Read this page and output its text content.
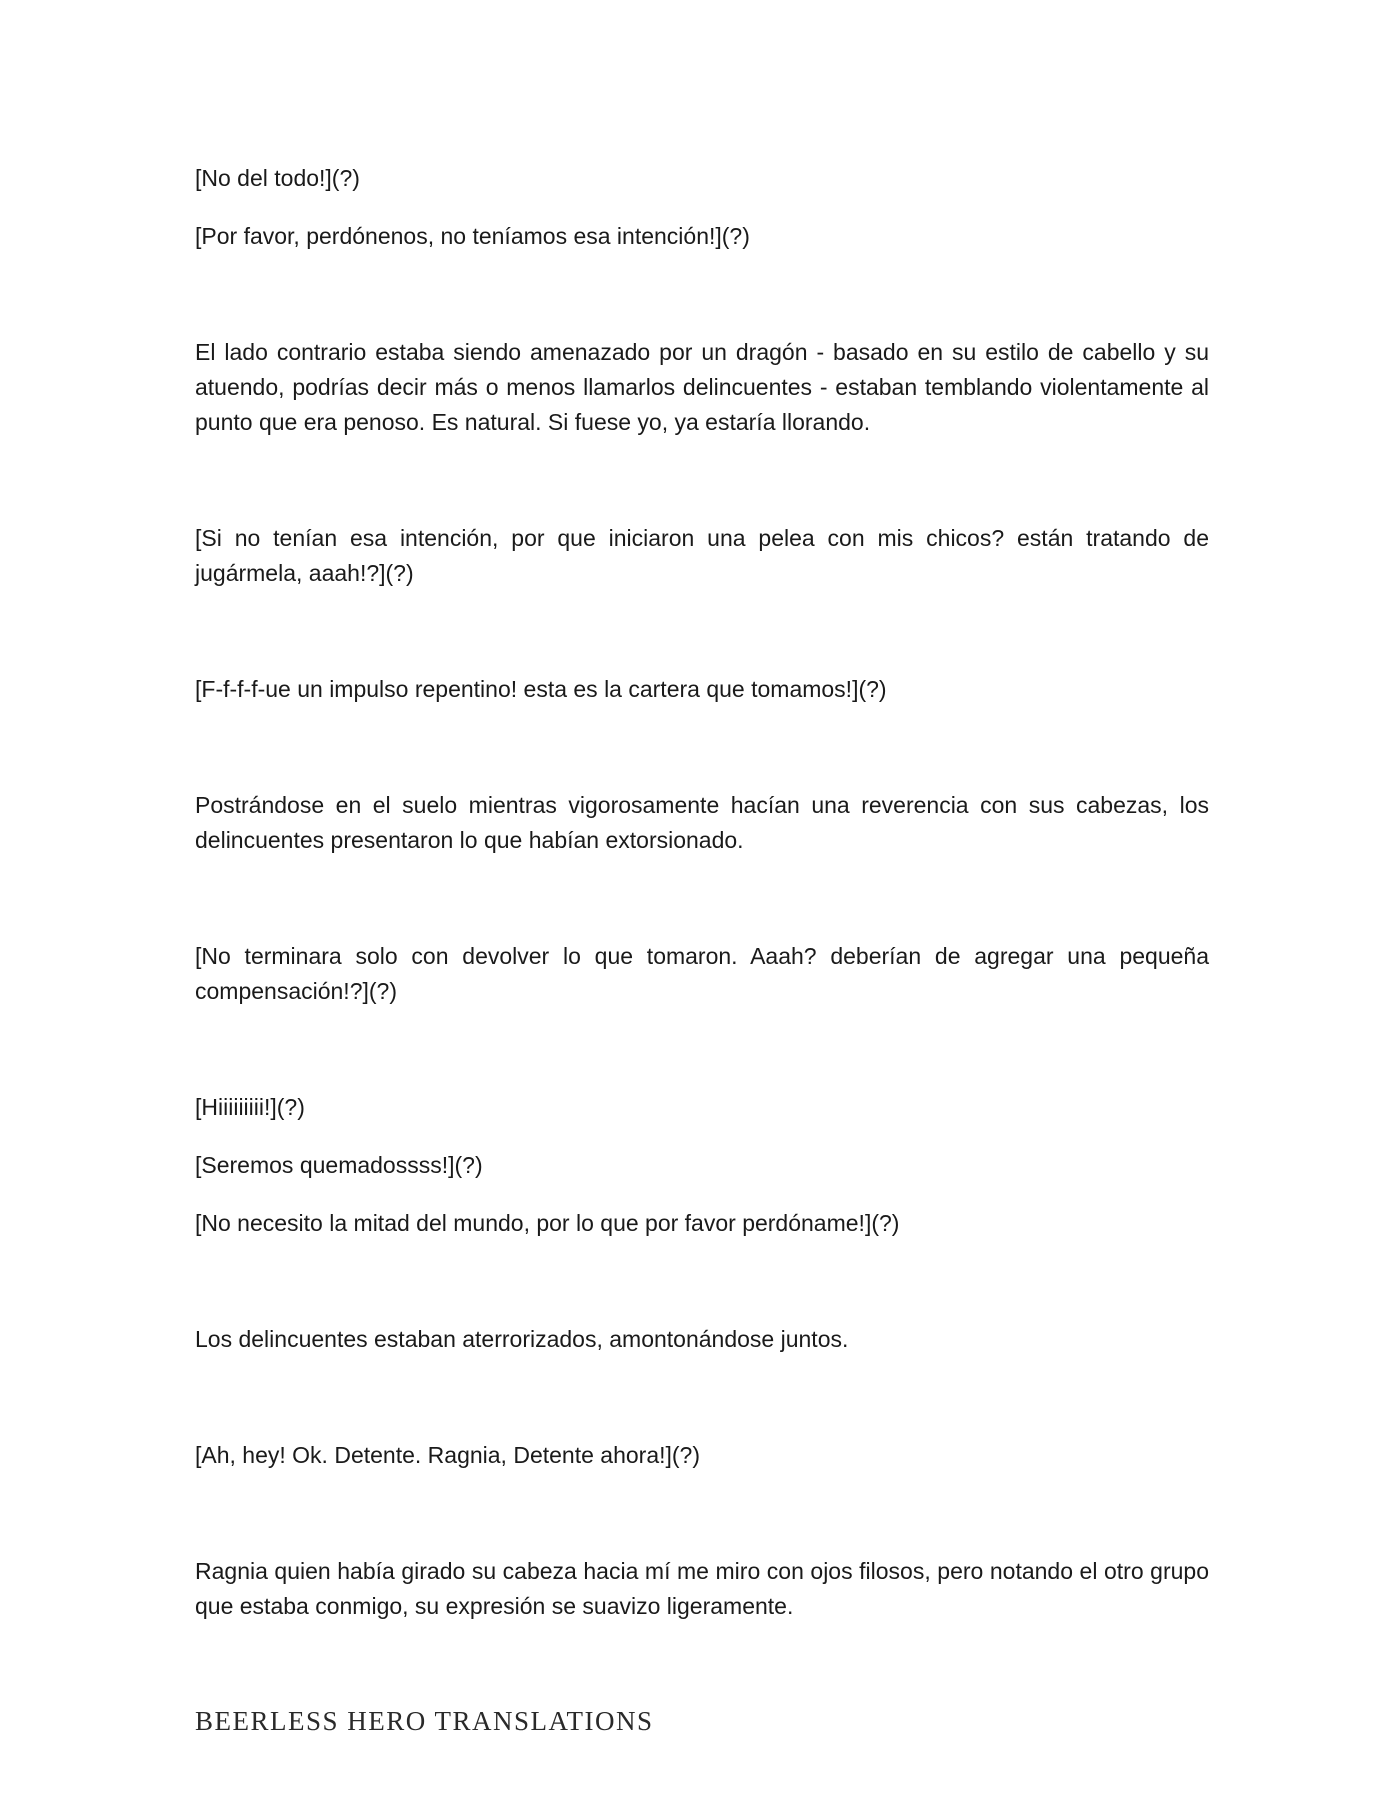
[No del todo!](?)

[Por favor, perdónenos, no teníamos esa intención!](?)

El lado contrario estaba siendo amenazado por un dragón - basado en su estilo de cabello y su atuendo, podrías decir más o menos llamarlos delincuentes - estaban temblando violentamente al punto que era penoso. Es natural. Si fuese yo, ya estaría llorando.

[Si no tenían esa intención, por que iniciaron una pelea con mis chicos? están tratando de jugármela, aaah!?](?)

[F-f-f-f-ue un impulso repentino! esta es la cartera que tomamos!](?)

Postrándose en el suelo mientras vigorosamente hacían una reverencia con sus cabezas, los delincuentes presentaron lo que habían extorsionado.

[No terminara solo con devolver lo que tomaron. Aaah? deberían de agregar una pequeña compensación!?](?)

[Hiiiiiiiii!](?)

[Seremos quemadossss!](?)

[No necesito la mitad del mundo, por lo que por favor perdóname!](?)

Los delincuentes estaban aterrorizados, amontonándose juntos.

[Ah, hey! Ok. Detente. Ragnia, Detente ahora!](?)

Ragnia quien había girado su cabeza hacia mí me miro con ojos filosos, pero notando el otro grupo que estaba conmigo, su expresión se suavizo ligeramente.

BEERLESS HERO TRANSLATIONS
